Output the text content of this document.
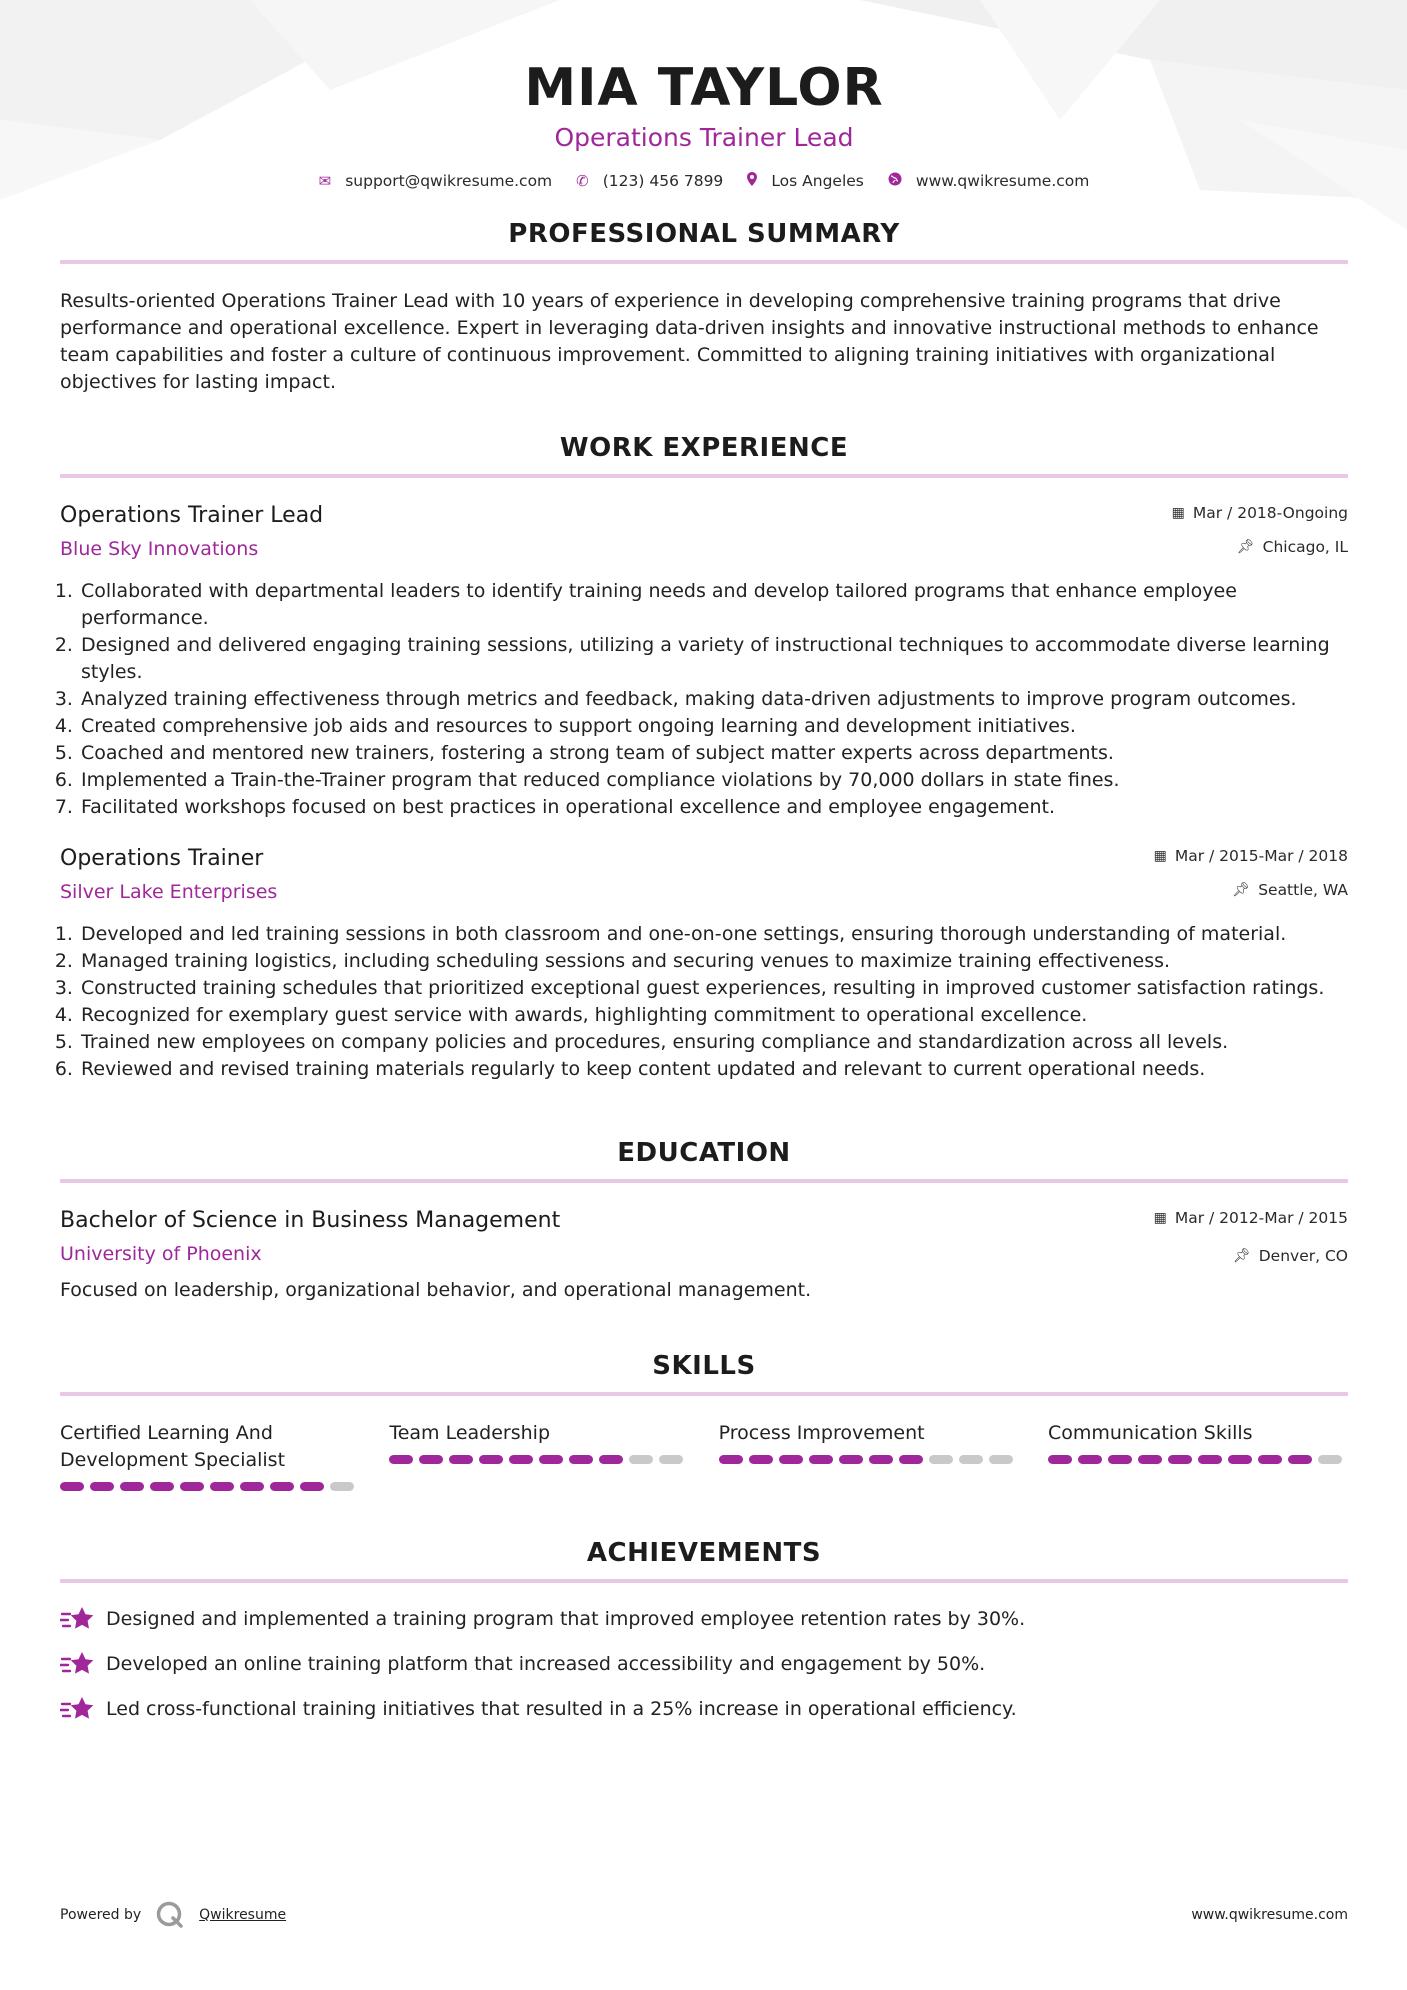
MIA TAYLOR
Operations Trainer Lead
✉ support@qwikresume.com ✆ (123) 456 7899	Los Angeles	www.qwikresume.com
PROFESSIONAL SUMMARY
Results-oriented Operations Trainer Lead with 10 years of experience in developing comprehensive training programs that drive performance and operational excellence. Expert in leveraging data-driven insights and innovative instructional methods to enhance team capabilities and foster a culture of continuous improvement. Committed to aligning training initiatives with organizational objectives for lasting impact.
WORK EXPERIENCE
Operations Trainer Lead
Blue Sky Innovations
▦ Mar / 2018-Ongoing
📌︎ Chicago, IL
1. Collaborated with departmental leaders to identify training needs and develop tailored programs that enhance employee performance.
2. Designed and delivered engaging training sessions, utilizing a variety of instructional techniques to accommodate diverse learning styles.
3. Analyzed training effectiveness through metrics and feedback, making data-driven adjustments to improve program outcomes.
4. Created comprehensive job aids and resources to support ongoing learning and development initiatives.
5. Coached and mentored new trainers, fostering a strong team of subject matter experts across departments.
6. Implemented a Train-the-Trainer program that reduced compliance violations by 70,000 dollars in state fines.
7. Facilitated workshops focused on best practices in operational excellence and employee engagement.
Operations Trainer
Silver Lake Enterprises
▦ Mar / 2015-Mar / 2018
📌︎ Seattle, WA
1. Developed and led training sessions in both classroom and one-on-one settings, ensuring thorough understanding of material.
2. Managed training logistics, including scheduling sessions and securing venues to maximize training effectiveness.
3. Constructed training schedules that prioritized exceptional guest experiences, resulting in improved customer satisfaction ratings.
4. Recognized for exemplary guest service with awards, highlighting commitment to operational excellence.
5. Trained new employees on company policies and procedures, ensuring compliance and standardization across all levels.
6. Reviewed and revised training materials regularly to keep content updated and relevant to current operational needs.
EDUCATION
Bachelor of Science in Business Management
University of Phoenix
▦ Mar / 2012-Mar / 2015
📌︎ Denver, CO
Focused on leadership, organizational behavior, and operational management.
SKILLS
Certified Learning And Development Specialist
Team Leadership	Process Improvement	Communication Skills
ACHIEVEMENTS
Designed and implemented a training program that improved employee retention rates by 30%.
Developed an online training platform that increased accessibility and engagement by 50%.
Led cross-functional training initiatives that resulted in a 25% increase in operational efficiency.
Powered by	Qwikresume	www.qwikresume.com
